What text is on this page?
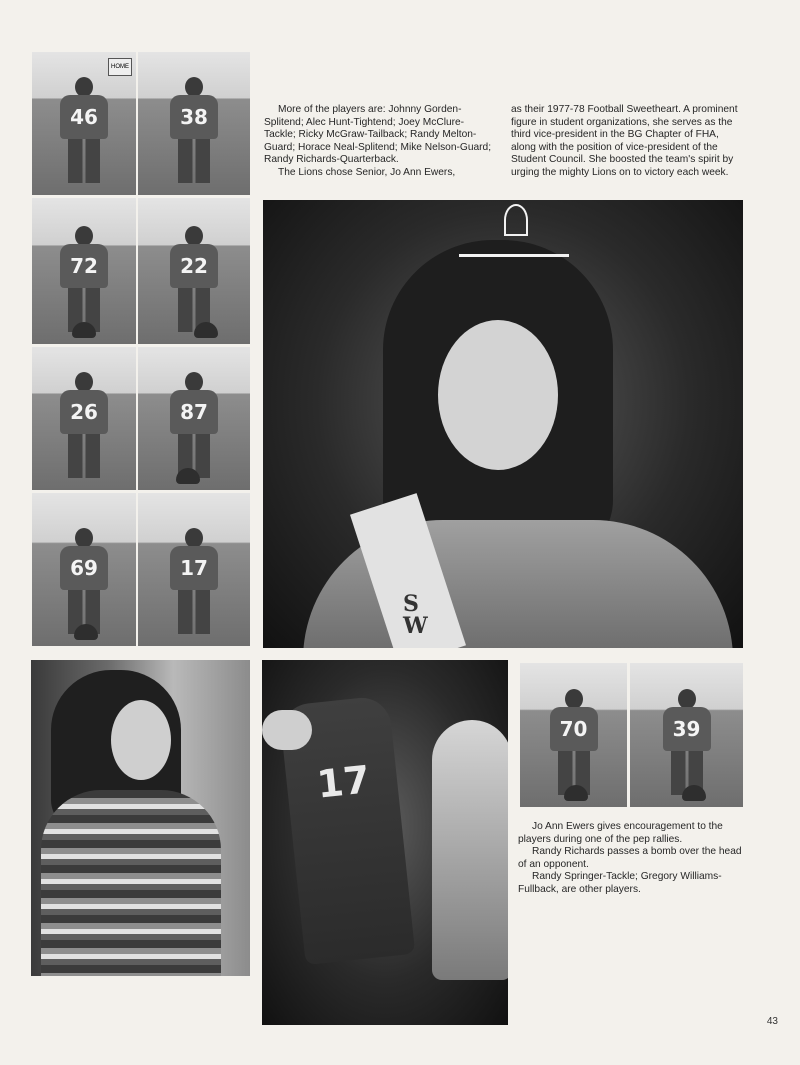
HOME
46	38
72	22
26	87
69	17

More of the players are: Johnny Gorden-Splitend; Alec Hunt-Tightend; Joey McClure-Tackle; Ricky McGraw-Tailback; Randy Melton-Guard; Horace Neal-Splitend; Mike Nelson-Guard; Randy Richards-Quarterback.

The Lions chose Senior, Jo Ann Ewers,

as their 1977-78 Football Sweetheart. A prominent figure in student organizations, she serves as the third vice-president in the BG Chapter of FHA, along with the position of vice-president of the Student Council. She boosted the team's spirit by urging the mighty Lions on to victory each week.

S
W
17
70	39

Jo Ann Ewers gives encouragement to the players during one of the pep rallies.

Randy Richards passes a bomb over the head of an opponent.

Randy Springer-Tackle; Gregory Williams-Fullback, are other players.

43
